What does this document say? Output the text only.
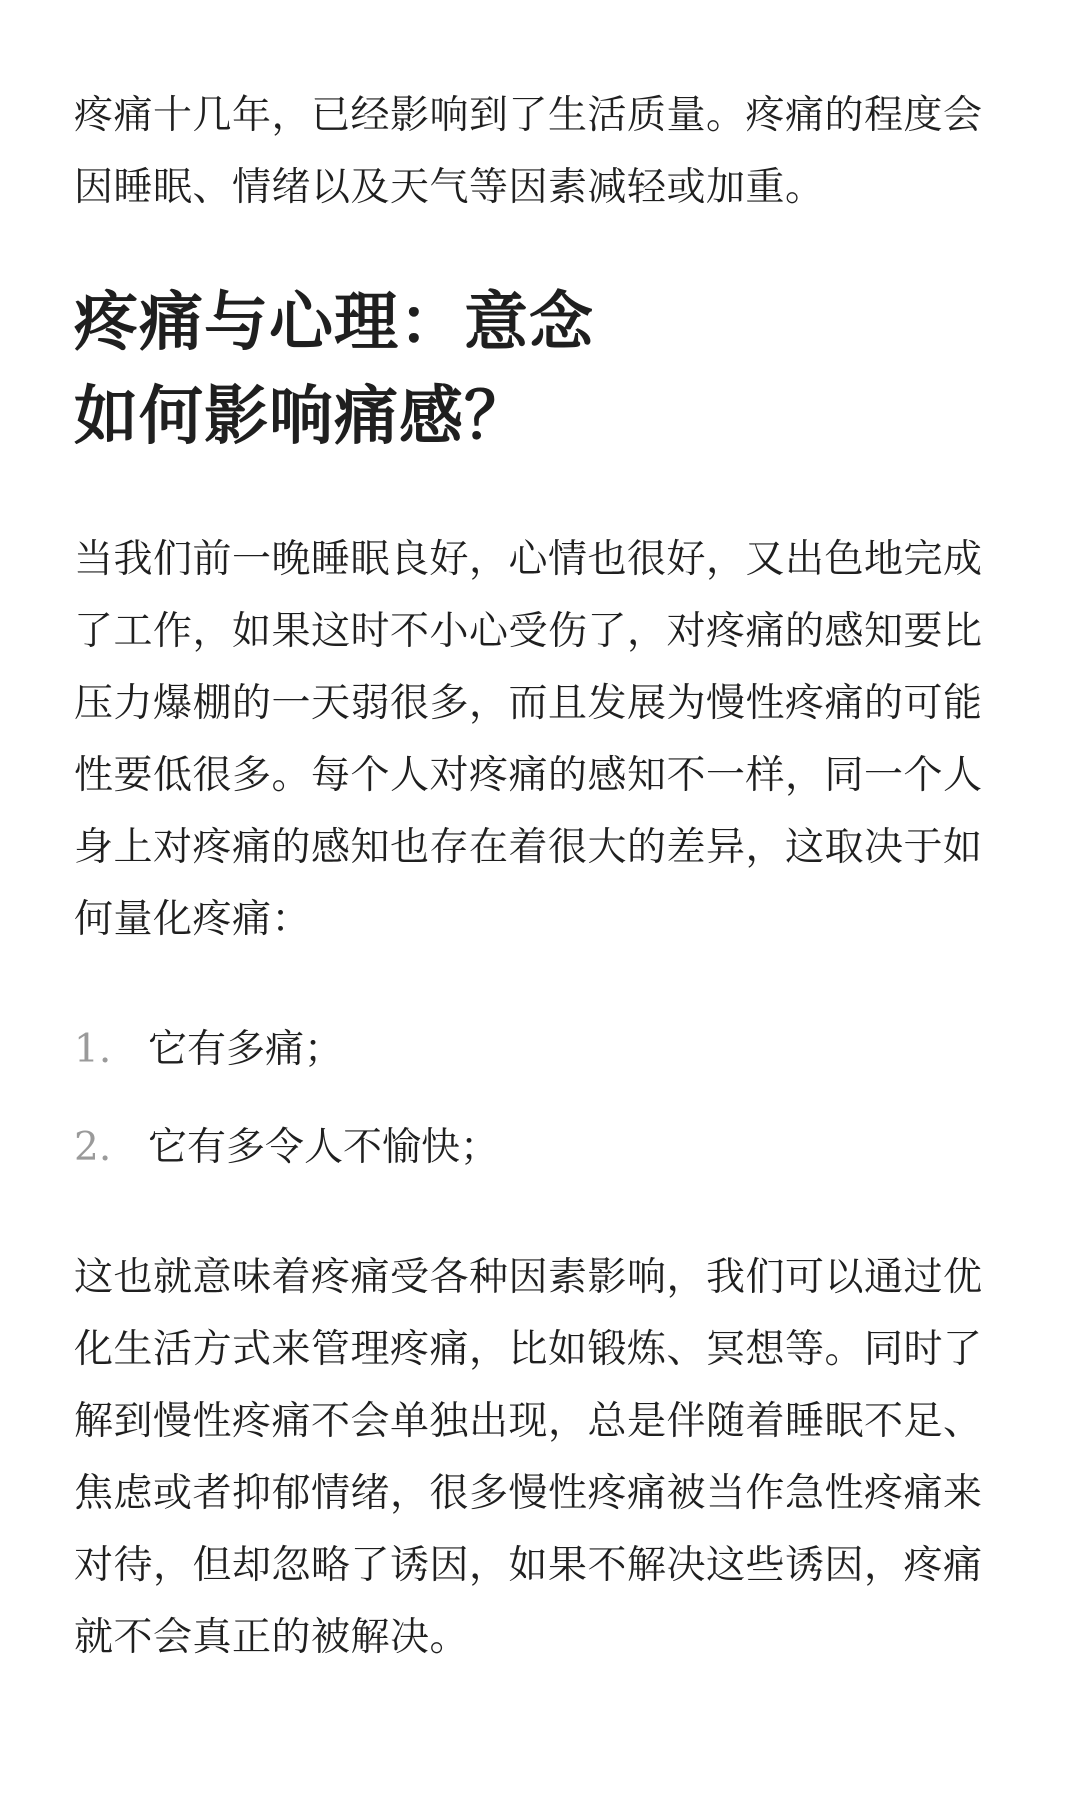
疼痛十几年，已经影响到了生活质量。疼痛的程度会因睡眠、情绪以及天气等因素减轻或加重。

疼痛与心理：意念
如何影响痛感？

当我们前一晚睡眠良好，心情也很好，又出色地完成了工作，如果这时不小心受伤了，对疼痛的感知要比压力爆棚的一天弱很多，而且发展为慢性疼痛的可能性要低很多。每个人对疼痛的感知不一样，同一个人身上对疼痛的感知也存在着很大的差异，这取决于如何量化疼痛：

1. 它有多痛；
2. 它有多令人不愉快；

这也就意味着疼痛受各种因素影响，我们可以通过优化生活方式来管理疼痛，比如锻炼、冥想等。同时了解到慢性疼痛不会单独出现，总是伴随着睡眠不足、焦虑或者抑郁情绪，很多慢性疼痛被当作急性疼痛来对待，但却忽略了诱因，如果不解决这些诱因，疼痛就不会真正的被解决。
